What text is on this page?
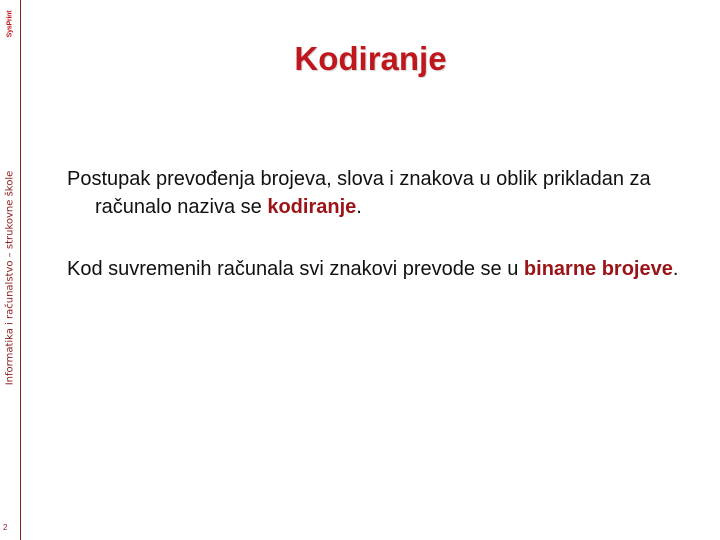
SysPrint
Informatika i računalstvo – strukovne škole
2
Kodiranje
Postupak prevođenja brojeva, slova i znakova u oblik prikladan za računalo naziva se kodiranje.
Kod suvremenih računala svi znakovi prevode se u binarne brojeve.
